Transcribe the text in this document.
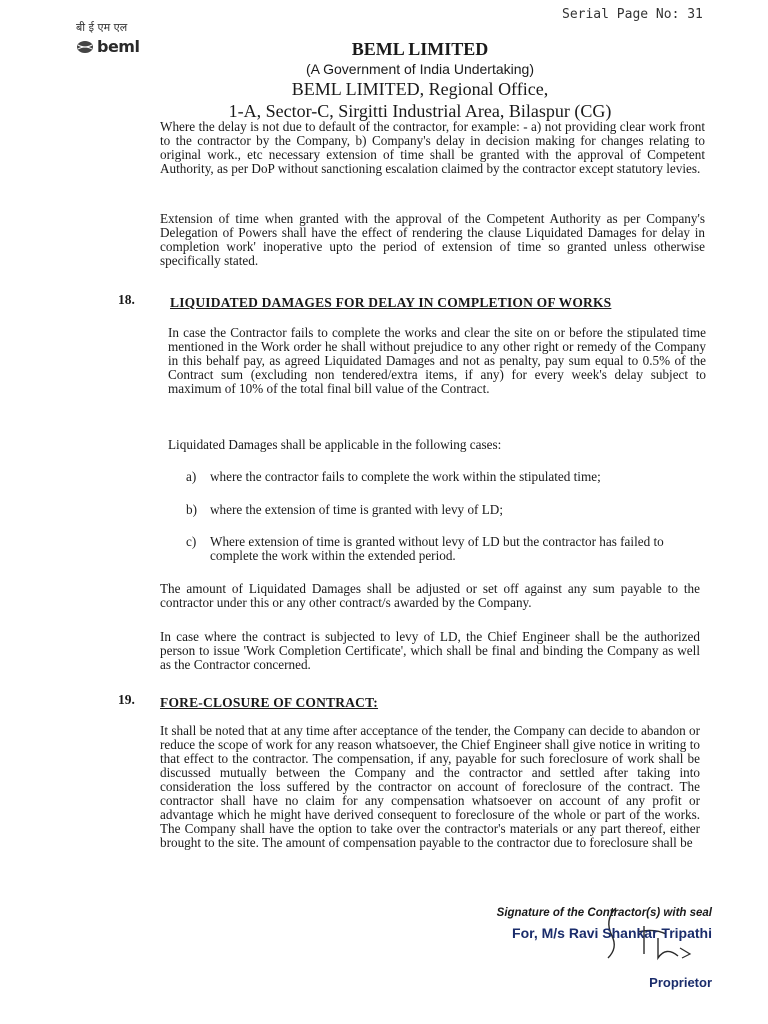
Serial Page No: 31
बी ई एम एल
beml	BEML LIMITED

(A Government of India Undertaking)

BEML LIMITED, Regional Office,

1-A, Sector-C, Sirgitti Industrial Area, Bilaspur (CG)

Where the delay is not due to default of the contractor, for example: - a) not providing clear work front to the contractor by the Company, b) Company's delay in decision making for changes relating to original work., etc necessary extension of time shall be granted with the approval of Competent Authority, as per DoP without sanctioning escalation claimed by the contractor except statutory levies.

Extension of time when granted with the approval of the Competent Authority as per Company's Delegation of Powers shall have the effect of rendering the clause Liquidated Damages for delay in completion work' inoperative upto the period of extension of time so granted unless otherwise specifically stated.

18.	LIQUIDATED DAMAGES FOR DELAY IN COMPLETION OF WORKS

In case the Contractor fails to complete the works and clear the site on or before the stipulated time mentioned in the Work order he shall without prejudice to any other right or remedy of the Company in this behalf pay, as agreed Liquidated Damages and not as penalty, pay sum equal to 0.5% of the Contract sum (excluding non tendered/extra items, if any) for every week's delay subject to maximum of 10% of the total final bill value of the Contract.

Liquidated Damages shall be applicable in the following cases:

a) where the contractor fails to complete the work within the stipulated time;
b) where the extension of time is granted with levy of LD;
c) Where extension of time is granted without levy of LD but the contractor has failed to complete the work within the extended period.

The amount of Liquidated Damages shall be adjusted or set off against any sum payable to the contractor under this or any other contract/s awarded by the Company.

In case where the contract is subjected to levy of LD, the Chief Engineer shall be the authorized person to issue 'Work Completion Certificate', which shall be final and binding the Company as well as the Contractor concerned.

19. FORE-CLOSURE OF CONTRACT:

It shall be noted that at any time after acceptance of the tender, the Company can decide to abandon or reduce the scope of work for any reason whatsoever, the Chief Engineer shall give notice in writing to that effect to the contractor. The compensation, if any, payable for such foreclosure of work shall be discussed mutually between the Company and the contractor and settled after taking into consideration the loss suffered by the contractor on account of foreclosure of the contract. The contractor shall have no claim for any compensation whatsoever on account of any profit or advantage which he might have derived consequent to foreclosure of the whole or part of the works. The Company shall have the option to take over the contractor's materials or any part thereof, either brought to the site. The amount of compensation payable to the contractor due to foreclosure shall be

Signature of the Contractor(s) with seal

For, M/s Ravi Shankar Tripathi

Proprietor
